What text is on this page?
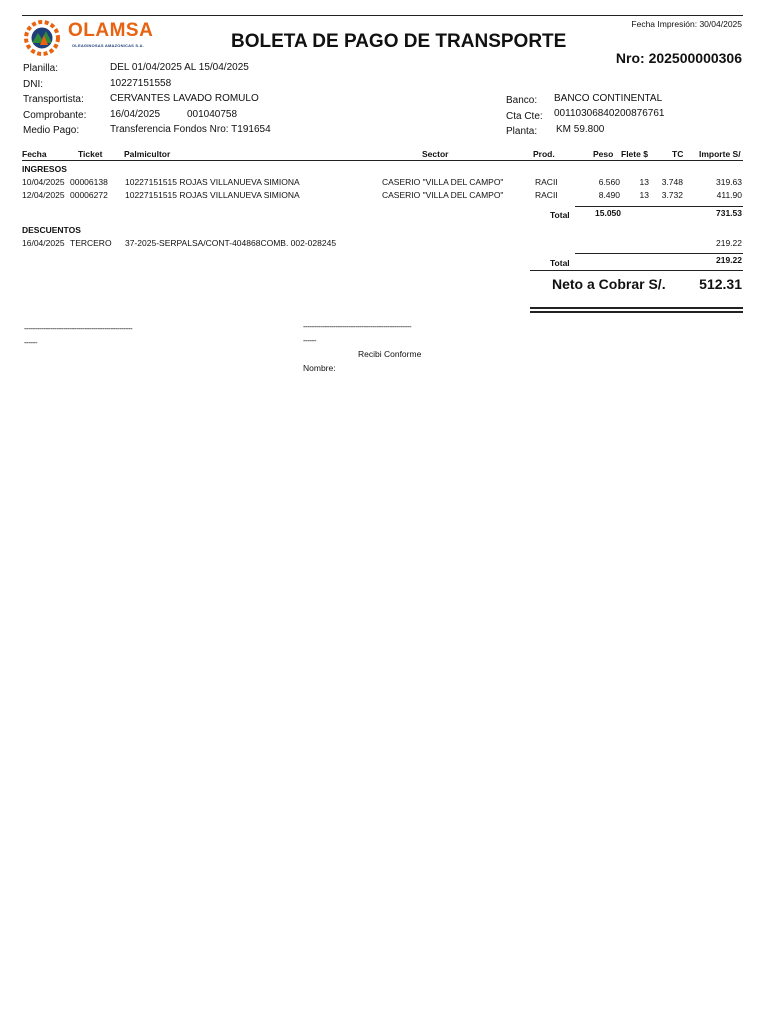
OLAMSA
OLEAGINOSAS AMAZONICAS S.A.
Fecha Impresión: 30/04/2025
BOLETA DE PAGO DE TRANSPORTE
Nro: 202500000306
Planilla:	DEL 01/04/2025 AL 15/04/2025
DNI:	10227151558
Transportista:	CERVANTES LAVADO ROMULO
Comprobante: 16/04/2025	001040758
Medio Pago:	Transferencia Fondos Nro: T191654
Banco: BANCO CONTINENTAL
Cta Cte: 00110306840200876761
Planta: KM 59.800
Fecha	Ticket	Palmicultor	Sector	Prod.	Peso Flete $	TC Importe S/
INGRESOS
10/04/2025 00006138 10227151515 ROJAS VILLANUEVA SIMIONA	CASERIO "VILLA DEL CAMPO"	RACII	6.560 13 3.748	319.63
12/04/2025 00006272 10227151515 ROJAS VILLANUEVA SIMIONA	CASERIO "VILLA DEL CAMPO"	RACII	8.490 13 3.732	411.90
Total	15.050	731.53
DESCUENTOS
16/04/2025 TERCERO 37-2025-SERPALSA/CONT-404868COMB. 002-028245	219.22
Total	219.22
Neto a Cobrar S/. 512.31
--------------------------------------------------
------
--------------------------------------------------
------
Recibi Conforme
Nombre:
